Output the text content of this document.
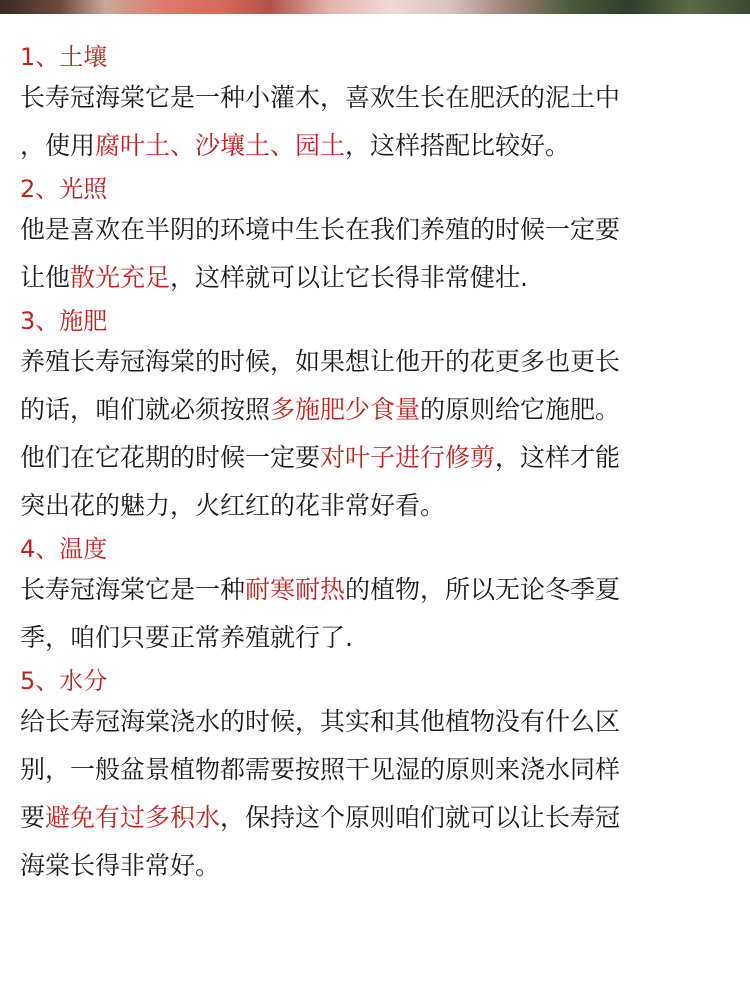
1、土壤
长寿冠海棠它是一种小灌木，喜欢生长在肥沃的泥土中
，使用腐叶土、沙壤土、园土，这样搭配比较好。
2、光照
他是喜欢在半阴的环境中生长在我们养殖的时候一定要
让他散光充足，这样就可以让它长得非常健壮.
3、施肥
养殖长寿冠海棠的时候，如果想让他开的花更多也更长
的话，咱们就必须按照多施肥少食量的原则给它施肥。
他们在它花期的时候一定要对叶子进行修剪，这样才能
突出花的魅力，火红红的花非常好看。
4、温度
长寿冠海棠它是一种耐寒耐热的植物，所以无论冬季夏
季，咱们只要正常养殖就行了.
5、水分
给长寿冠海棠浇水的时候，其实和其他植物没有什么区
别，一般盆景植物都需要按照干见湿的原则来浇水同样
要避免有过多积水，保持这个原则咱们就可以让长寿冠
海棠长得非常好。
